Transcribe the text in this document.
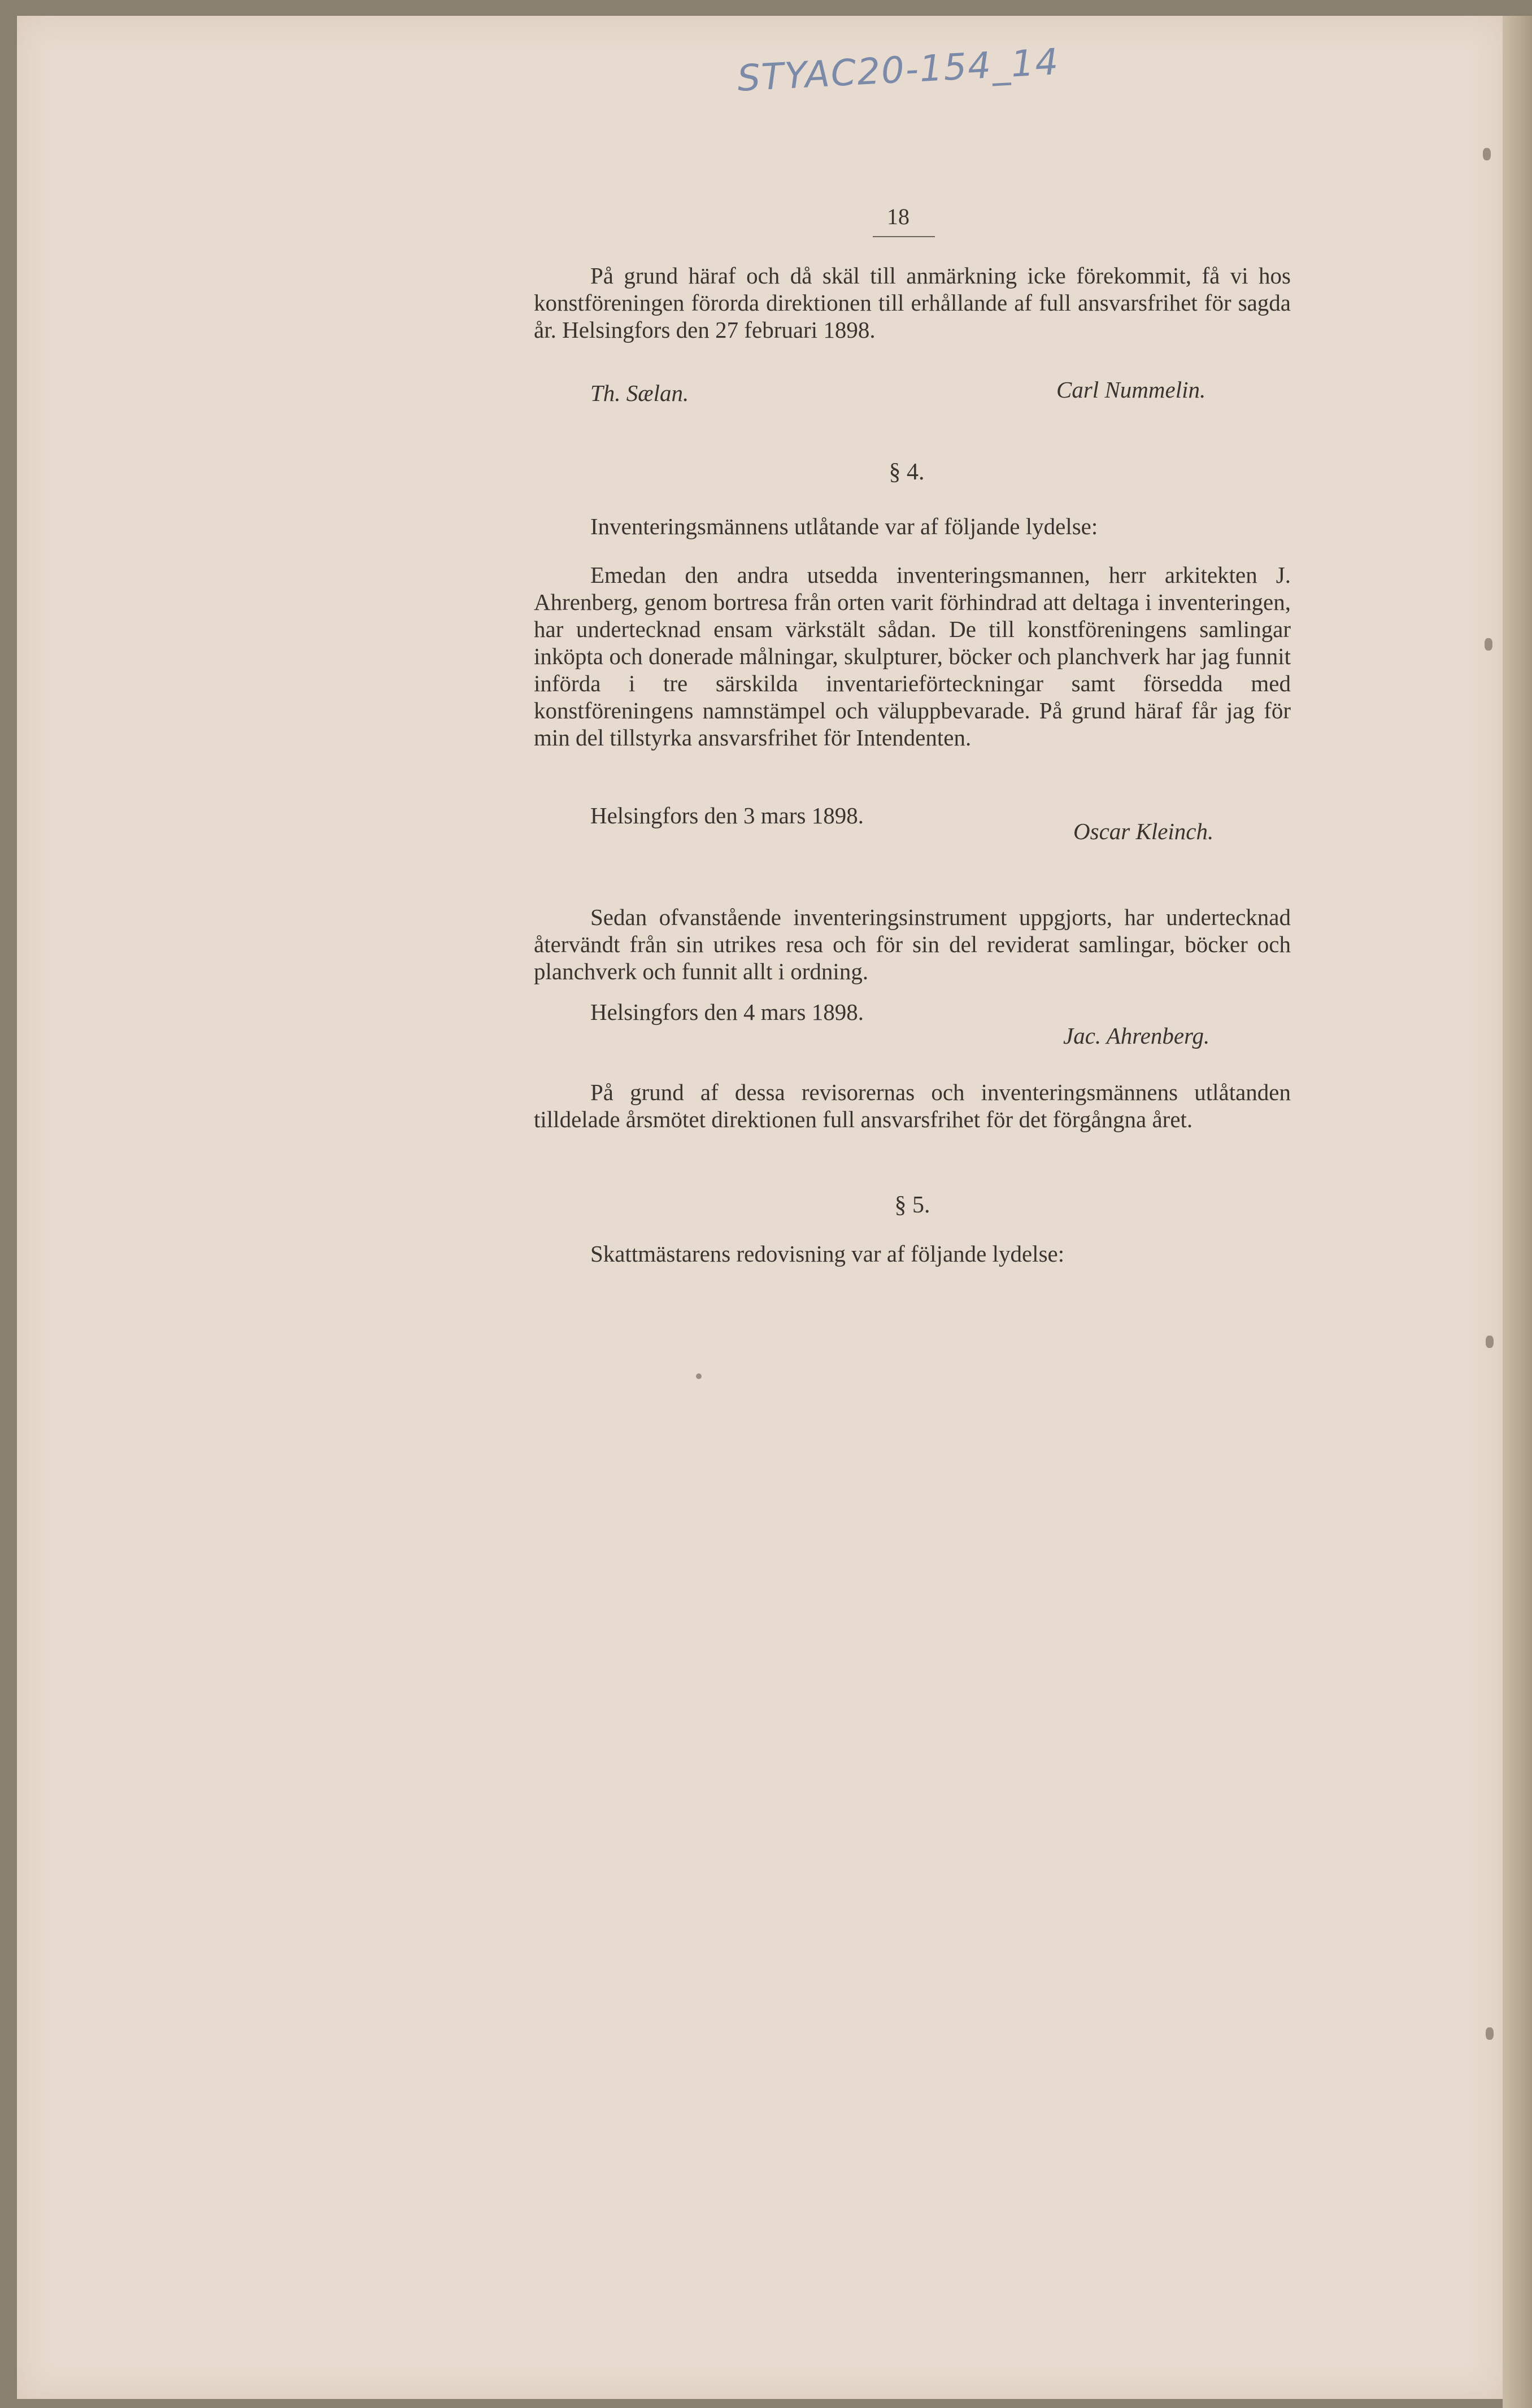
STYAC20-154_14
18

På grund häraf och då skäl till anmärkning icke förekommit, få vi hos konstföreningen förorda direktionen till erhållande af full ansvarsfrihet för sagda år. Helsingfors den 27 februari 1898.

Th. Sælan.	Carl Nummelin.
§ 4.

Inventeringsmännens utlåtande var af följande lydelse:

Emedan den andra utsedda inventeringsmannen, herr arkitekten J. Ahrenberg, genom bortresa från orten varit förhindrad att deltaga i inventeringen, har undertecknad ensam värkstält sådan. De till konstföreningens samlingar inköpta och donerade målningar, skulpturer, böcker och planchverk har jag funnit införda i tre särskilda inventarieförteckningar samt försedda med konstföreningens namnstämpel och väluppbevarade. På grund häraf får jag för min del tillstyrka ansvarsfrihet för Intendenten.

Helsingfors den 3 mars 1898.

Oscar Kleinch.

Sedan ofvanstående inventeringsinstrument uppgjorts, har undertecknad återvändt från sin utrikes resa och för sin del reviderat samlingar, böcker och planchverk och funnit allt i ordning.

Helsingfors den 4 mars 1898.

Jac. Ahrenberg.

På grund af dessa revisorernas och inventeringsmännens utlåtanden tilldelade årsmötet direktionen full ansvarsfrihet för det förgångna året.

§ 5.

Skattmästarens redovisning var af följande lydelse:
